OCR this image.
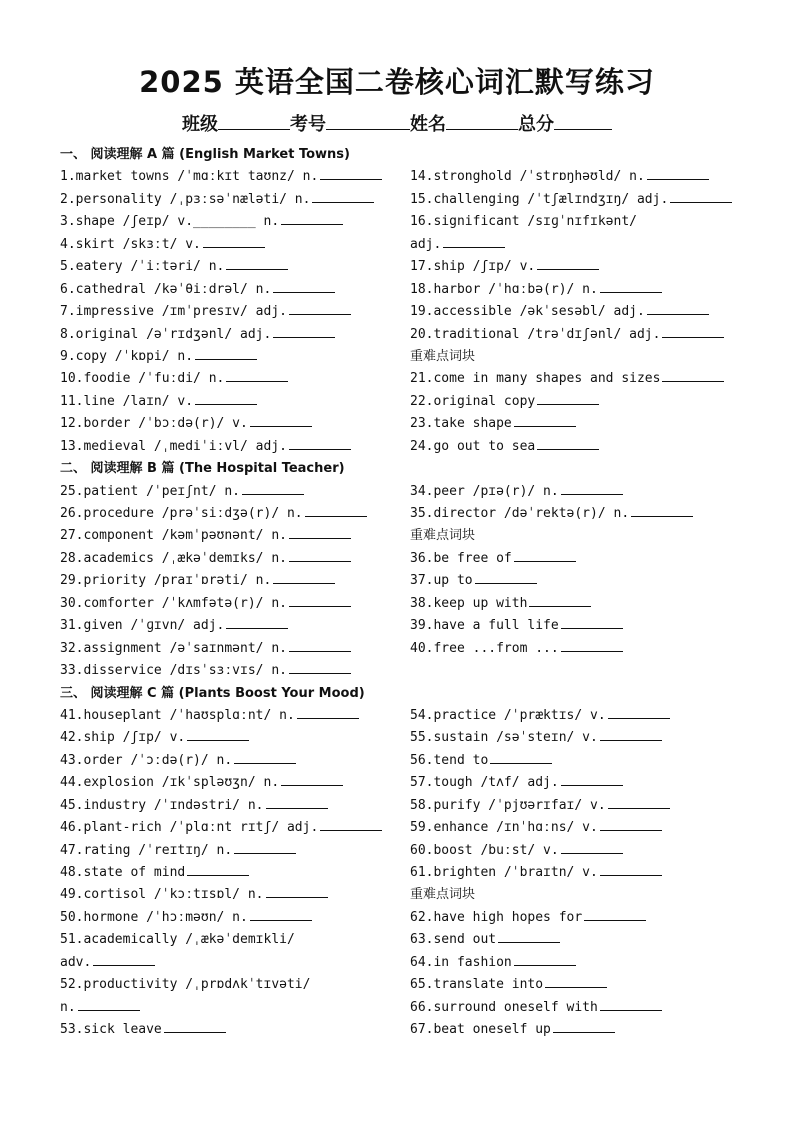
2025 英语全国二卷核心词汇默写练习
班级	考号	姓名	总分
一、 阅读理解 A 篇 (English Market Towns)
1.market towns /ˈmɑːkɪt taʊnz/ n.
2.personality /ˌpɜːsəˈnæləti/ n.
3.shape /ʃeɪp/ v.________ n.
4.skirt /skɜːt/ v.
5.eatery /ˈiːtəri/ n.
6.cathedral /kəˈθiːdrəl/ n.
7.impressive /ɪmˈpresɪv/ adj.
8.original /əˈrɪdʒənl/ adj.
9.copy /ˈkɒpi/ n.
10.foodie /ˈfuːdi/ n.
11.line /laɪn/ v.
12.border /ˈbɔːdə(r)/ v.
13.medieval /ˌmediˈiːvl/ adj.
二、 阅读理解 B 篇 (The Hospital Teacher)
25.patient /ˈpeɪʃnt/ n.
26.procedure /prəˈsiːdʒə(r)/ n.
27.component /kəmˈpəʊnənt/ n.
28.academics /ˌækəˈdemɪks/ n.
29.priority /praɪˈɒrəti/ n.
30.comforter /ˈkʌmfətə(r)/ n.
31.given /ˈɡɪvn/ adj.
32.assignment /əˈsaɪnmənt/ n.
33.disservice /dɪsˈsɜːvɪs/ n.
三、 阅读理解 C 篇 (Plants Boost Your Mood)
41.houseplant /ˈhaʊsplɑːnt/ n.
42.ship /ʃɪp/ v.
43.order /ˈɔːdə(r)/ n.
44.explosion /ɪkˈspləʊʒn/ n.
45.industry /ˈɪndəstri/ n.
46.plant-rich /ˈplɑːnt rɪtʃ/ adj.
47.rating /ˈreɪtɪŋ/ n.
48.state of mind
49.cortisol /ˈkɔːtɪsɒl/ n.
50.hormone /ˈhɔːməʊn/ n.
51.academically /ˌækəˈdemɪkli/
adv.
52.productivity /ˌprɒdʌkˈtɪvəti/
n.
53.sick leave
14.stronghold /ˈstrɒŋhəʊld/ n.
15.challenging /ˈtʃælɪndʒɪŋ/ adj.
16.significant /sɪɡˈnɪfɪkənt/
adj.
17.ship /ʃɪp/ v.
18.harbor /ˈhɑːbə(r)/ n.
19.accessible /əkˈsesəbl/ adj.
20.traditional /trəˈdɪʃənl/ adj.
重难点词块
21.come in many shapes and sizes
22.original copy
23.take shape
24.go out to sea
34.peer /pɪə(r)/ n.
35.director /dəˈrektə(r)/ n.
重难点词块
36.be free of
37.up to
38.keep up with
39.have a full life
40.free ...from ...
54.practice /ˈpræktɪs/ v.
55.sustain /səˈsteɪn/ v.
56.tend to
57.tough /tʌf/ adj.
58.purify /ˈpjʊərɪfaɪ/ v.
59.enhance /ɪnˈhɑːns/ v.
60.boost /buːst/ v.
61.brighten /ˈbraɪtn/ v.
重难点词块
62.have high hopes for
63.send out
64.in fashion
65.translate into
66.surround oneself with
67.beat oneself up
